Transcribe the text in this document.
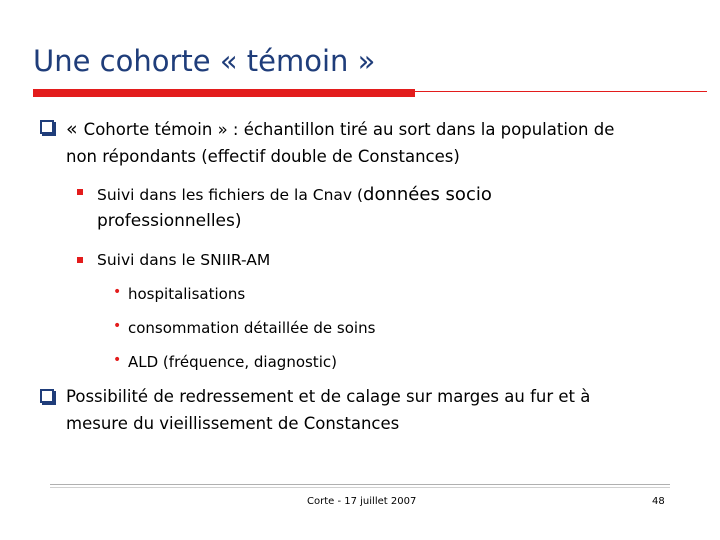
Une cohorte « témoin »
« Cohorte témoin » : échantillon tiré au sort dans la population de
non répondants (effectif double de Constances)
Suivi dans les fichiers de la Cnav (données socio
professionnelles)
Suivi dans le SNIIR-AM
• hospitalisations
• consommation détaillée de soins
• ALD (fréquence, diagnostic)
Possibilité de redressement et de calage sur marges au fur et à
mesure du vieillissement de Constances
Corte - 17 juillet 2007	48
